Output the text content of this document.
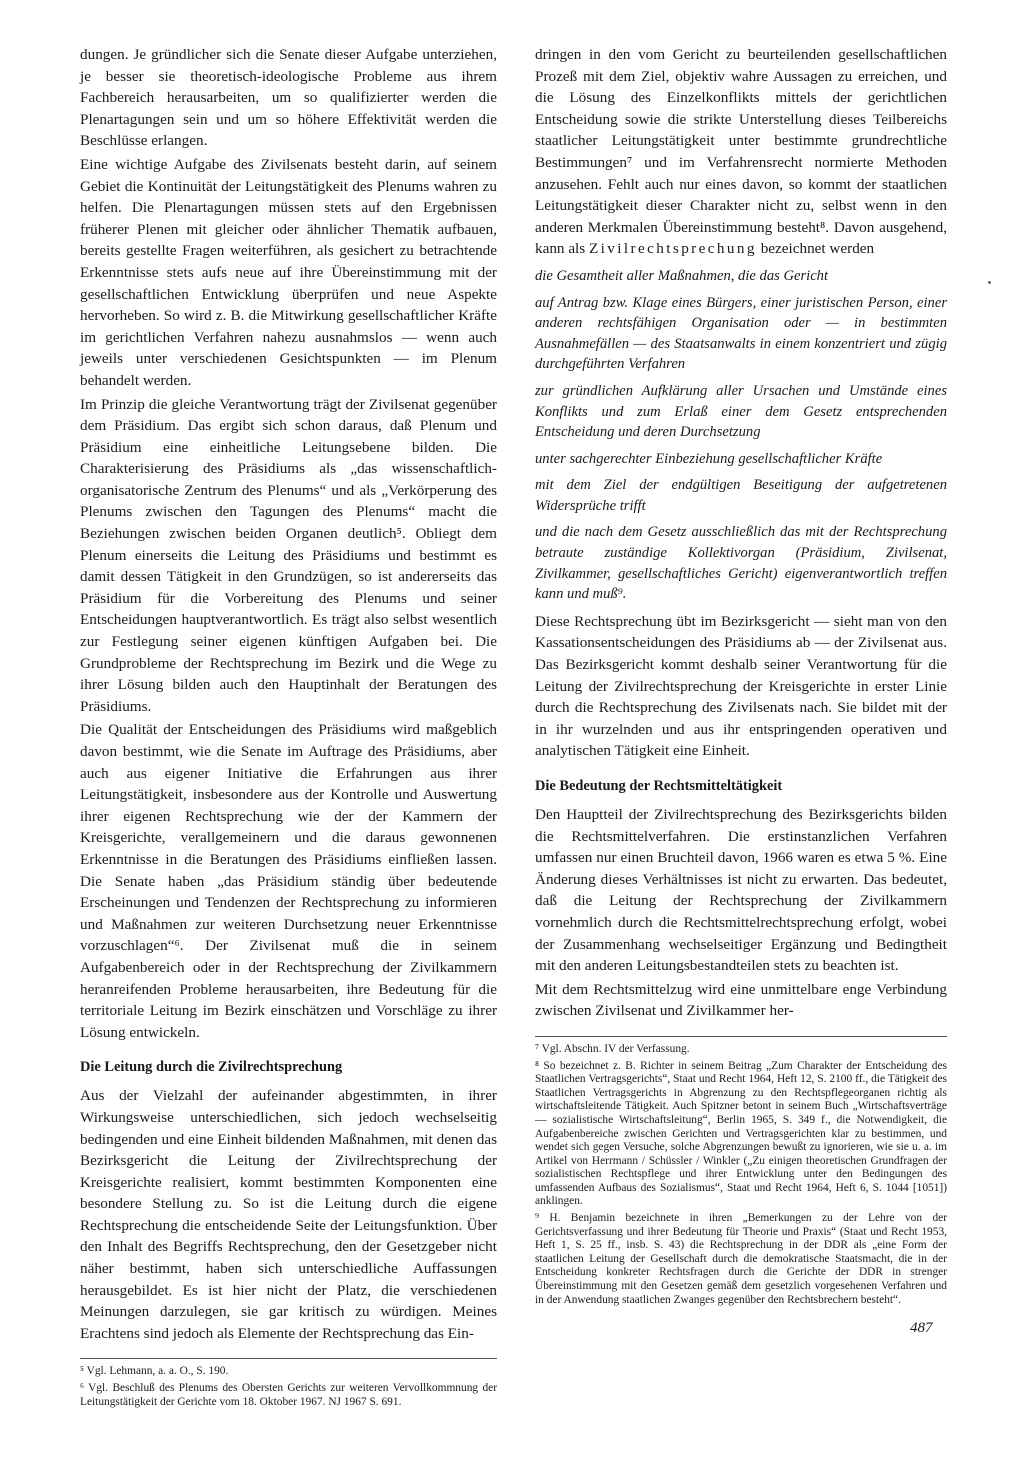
dungen. Je gründlicher sich die Senate dieser Aufgabe unterziehen, je besser sie theoretisch-ideologische Probleme aus ihrem Fachbereich herausarbeiten, um so qualifizierter werden die Plenartagungen sein und um so höhere Effektivität werden die Beschlüsse erlangen.

Eine wichtige Aufgabe des Zivilsenats besteht darin, auf seinem Gebiet die Kontinuität der Leitungstätigkeit des Plenums wahren zu helfen. Die Plenartagungen müssen stets auf den Ergebnissen früherer Plenen mit gleicher oder ähnlicher Thematik aufbauen, bereits gestellte Fragen weiterführen, als gesichert zu betrachtende Erkenntnisse stets aufs neue auf ihre Übereinstimmung mit der gesellschaftlichen Entwicklung überprüfen und neue Aspekte hervorheben. So wird z. B. die Mitwirkung gesellschaftlicher Kräfte im gerichtlichen Verfahren nahezu ausnahmslos — wenn auch jeweils unter verschiedenen Gesichtspunkten — im Plenum behandelt werden.

Im Prinzip die gleiche Verantwortung trägt der Zivilsenat gegenüber dem Präsidium. Das ergibt sich schon daraus, daß Plenum und Präsidium eine einheitliche Leitungsebene bilden. Die Charakterisierung des Präsidiums als „das wissenschaftlich-organisatorische Zentrum des Plenums“ und als „Verkörperung des Plenums zwischen den Tagungen des Plenums“ macht die Beziehungen zwischen beiden Organen deutlich⁵. Obliegt dem Plenum einerseits die Leitung des Präsidiums und bestimmt es damit dessen Tätigkeit in den Grundzügen, so ist andererseits das Präsidium für die Vorbereitung des Plenums und seiner Entscheidungen hauptverantwortlich. Es trägt also selbst wesentlich zur Festlegung seiner eigenen künftigen Aufgaben bei. Die Grundprobleme der Rechtsprechung im Bezirk und die Wege zu ihrer Lösung bilden auch den Hauptinhalt der Beratungen des Präsidiums.

Die Qualität der Entscheidungen des Präsidiums wird maßgeblich davon bestimmt, wie die Senate im Auftrage des Präsidiums, aber auch aus eigener Initiative die Erfahrungen aus ihrer Leitungstätigkeit, insbesondere aus der Kontrolle und Auswertung ihrer eigenen Rechtsprechung wie der der Kammern der Kreisgerichte, verallgemeinern und die daraus gewonnenen Erkenntnisse in die Beratungen des Präsidiums einfließen lassen. Die Senate haben „das Präsidium ständig über bedeutende Erscheinungen und Tendenzen der Rechtsprechung zu informieren und Maßnahmen zur weiteren Durchsetzung neuer Erkenntnisse vorzuschlagen“⁶. Der Zivilsenat muß die in seinem Aufgabenbereich oder in der Rechtsprechung der Zivilkammern heranreifenden Probleme herausarbeiten, ihre Bedeutung für die territoriale Leitung im Bezirk einschätzen und Vorschläge zu ihrer Lösung entwickeln.

Die Leitung durch die Zivilrechtsprechung

Aus der Vielzahl der aufeinander abgestimmten, in ihrer Wirkungsweise unterschiedlichen, sich jedoch wechselseitig bedingenden und eine Einheit bildenden Maßnahmen, mit denen das Bezirksgericht die Leitung der Zivilrechtsprechung der Kreisgerichte realisiert, kommt bestimmten Komponenten eine besondere Stellung zu. So ist die Leitung durch die eigene Rechtsprechung die entscheidende Seite der Leitungsfunktion. Über den Inhalt des Begriffs Rechtsprechung, den der Gesetzgeber nicht näher bestimmt, haben sich unterschiedliche Auffassungen herausgebildet. Es ist hier nicht der Platz, die verschiedenen Meinungen darzulegen, sie gar kritisch zu würdigen. Meines Erachtens sind jedoch als Elemente der Rechtsprechung das Ein-

⁵ Vgl. Lehmann, a. a. O., S. 190.

⁶ Vgl. Beschluß des Plenums des Obersten Gerichts zur weiteren Vervollkommnung der Leitungstätigkeit der Gerichte vom 18. Oktober 1967. NJ 1967 S. 691.

dringen in den vom Gericht zu beurteilenden gesellschaftlichen Prozeß mit dem Ziel, objektiv wahre Aussagen zu erreichen, und die Lösung des Einzelkonflikts mittels der gerichtlichen Entscheidung sowie die strikte Unterstellung dieses Teilbereichs staatlicher Leitungstätigkeit unter bestimmte grundrechtliche Bestimmungen⁷ und im Verfahrensrecht normierte Methoden anzusehen. Fehlt auch nur eines davon, so kommt der staatlichen Leitungstätigkeit dieser Charakter nicht zu, selbst wenn in den anderen Merkmalen Übereinstimmung besteht⁸. Davon ausgehend, kann als Zivilrechtsprechung bezeichnet werden

die Gesamtheit aller Maßnahmen, die das Gericht

auf Antrag bzw. Klage eines Bürgers, einer juristischen Person, einer anderen rechtsfähigen Organisation oder — in bestimmten Ausnahmefällen — des Staatsanwalts in einem konzentriert und zügig durchgeführten Verfahren

zur gründlichen Aufklärung aller Ursachen und Umstände eines Konflikts und zum Erlaß einer dem Gesetz entsprechenden Entscheidung und deren Durchsetzung

unter sachgerechter Einbeziehung gesellschaftlicher Kräfte

mit dem Ziel der endgültigen Beseitigung der aufgetretenen Widersprüche trifft

und die nach dem Gesetz ausschließlich das mit der Rechtsprechung betraute zuständige Kollektivorgan (Präsidium, Zivilsenat, Zivilkammer, gesellschaftliches Gericht) eigenverantwortlich treffen kann und muß⁹.

Diese Rechtsprechung übt im Bezirksgericht — sieht man von den Kassationsentscheidungen des Präsidiums ab — der Zivilsenat aus. Das Bezirksgericht kommt deshalb seiner Verantwortung für die Leitung der Zivilrechtsprechung der Kreisgerichte in erster Linie durch die Rechtsprechung des Zivilsenats nach. Sie bildet mit der in ihr wurzelnden und aus ihr entspringenden operativen und analytischen Tätigkeit eine Einheit.

Die Bedeutung der Rechtsmitteltätigkeit

Den Hauptteil der Zivilrechtsprechung des Bezirksgerichts bilden die Rechtsmittelverfahren. Die erstinstanzlichen Verfahren umfassen nur einen Bruchteil davon, 1966 waren es etwa 5 %. Eine Änderung dieses Verhältnisses ist nicht zu erwarten. Das bedeutet, daß die Leitung der Rechtsprechung der Zivilkammern vornehmlich durch die Rechtsmittelrechtsprechung erfolgt, wobei der Zusammenhang wechselseitiger Ergänzung und Bedingtheit mit den anderen Leitungsbestandteilen stets zu beachten ist.

Mit dem Rechtsmittelzug wird eine unmittelbare enge Verbindung zwischen Zivilsenat und Zivilkammer her-

⁷ Vgl. Abschn. IV der Verfassung.

⁸ So bezeichnet z. B. Richter in seinem Beitrag „Zum Charakter der Entscheidung des Staatlichen Vertragsgerichts“, Staat und Recht 1964, Heft 12, S. 2100 ff., die Tätigkeit des Staatlichen Vertragsgerichts in Abgrenzung zu den Rechtspflegeorganen richtig als wirtschaftsleitende Tätigkeit. Auch Spitzner betont in seinem Buch „Wirtschaftsverträge — sozialistische Wirtschaftsleitung“, Berlin 1965, S. 349 f., die Notwendigkeit, die Aufgabenbereiche zwischen Gerichten und Vertragsgerichten klar zu bestimmen, und wendet sich gegen Versuche, solche Abgrenzungen bewußt zu ignorieren, wie sie u. a. im Artikel von Herrmann / Schüssler / Winkler („Zu einigen theoretischen Grundfragen der sozialistischen Rechtspflege und ihrer Entwicklung unter den Bedingungen des umfassenden Aufbaus des Sozialismus“, Staat und Recht 1964, Heft 6, S. 1044 [1051]) anklingen.

⁹ H. Benjamin bezeichnete in ihren „Bemerkungen zu der Lehre von der Gerichtsverfassung und ihrer Bedeutung für Theorie und Praxis“ (Staat und Recht 1953, Heft 1, S. 25 ff., insb. S. 43) die Rechtsprechung in der DDR als „eine Form der staatlichen Leitung der Gesellschaft durch die demokratische Staatsmacht, die in der Entscheidung konkreter Rechtsfragen durch die Gerichte der DDR in strenger Übereinstimmung mit den Gesetzen gemäß dem gesetzlich vorgesehenen Verfahren und in der Anwendung staatlichen Zwanges gegenüber den Rechtsbrechern besteht“.

487
